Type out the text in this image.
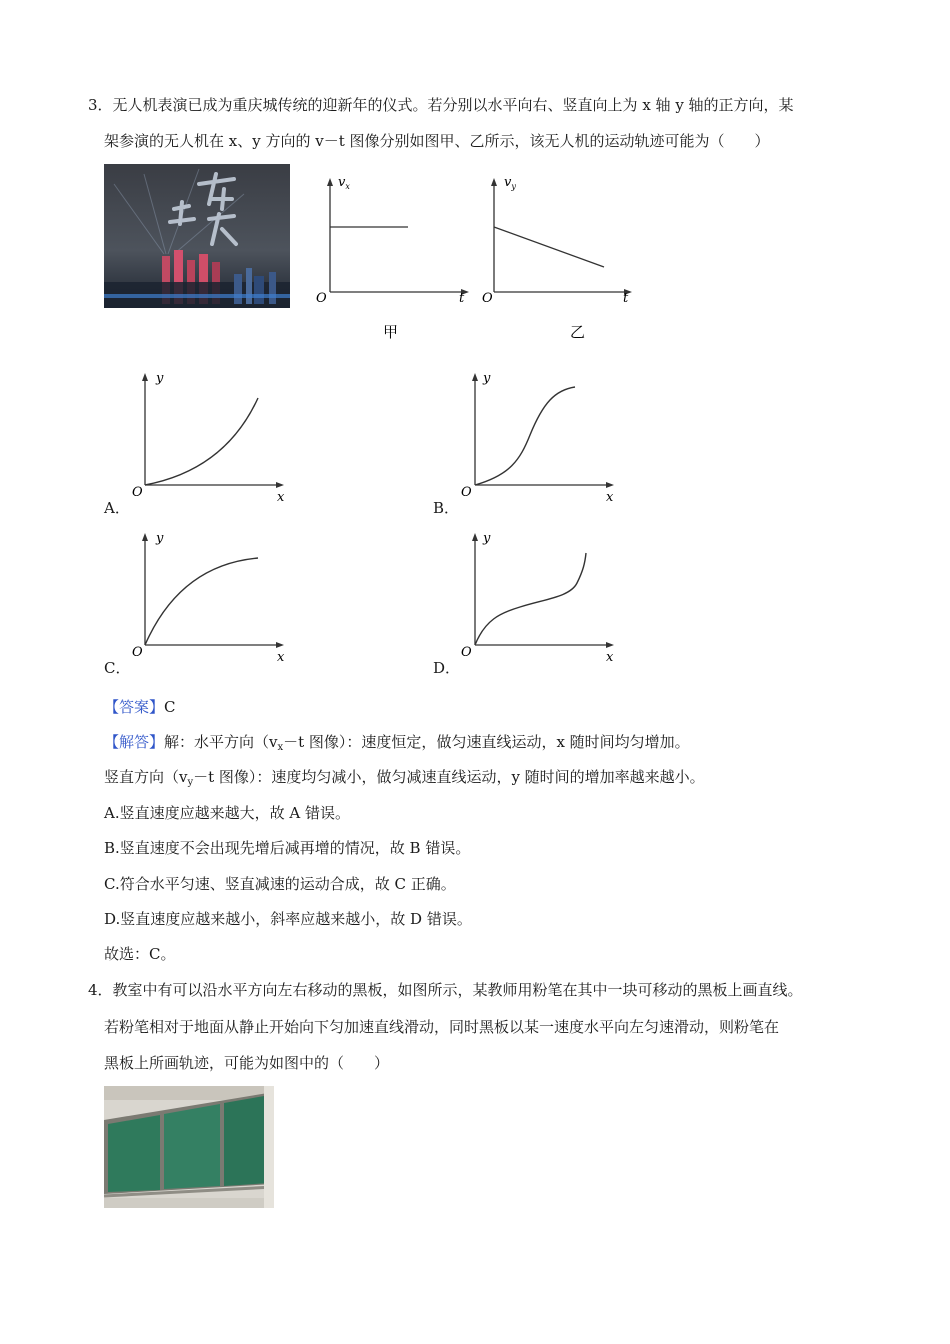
3．无人机表演已成为重庆城传统的迎新年的仪式。若分别以水平向右、竖直向上为 x 轴 y 轴的正方向，某
架参演的无人机在 x、y 方向的 v－t 图像分别如图甲、乙所示，该无人机的运动轨迹可能为（　　）
$v_x$
O	t
甲
$v_y$
O	t
乙
y
O	x
A．
y
O	x
B．
y
O	x
C．
y
O	x
D．
【答案】C
【解答】解：水平方向（$v_x-t$ 图像）：速度恒定，做匀速直线运动，x 随时间均匀增加。
竖直方向（$v_y-t$ 图像）：速度均匀减小，做匀减速直线运动，y 随时间的增加率越来越小。
A.竖直速度应越来越大，故 A 错误。
B.竖直速度不会出现先增后减再增的情况，故 B 错误。
C.符合水平匀速、竖直减速的运动合成，故 C 正确。
D.竖直速度应越来越小，斜率应越来越小，故 D 错误。
故选：C。
4．教室中有可以沿水平方向左右移动的黑板，如图所示，某教师用粉笔在其中一块可移动的黑板上画直线。
若粉笔相对于地面从静止开始向下匀加速直线滑动，同时黑板以某一速度水平向左匀速滑动，则粉笔在
黑板上所画轨迹，可能为如图中的（　　）
